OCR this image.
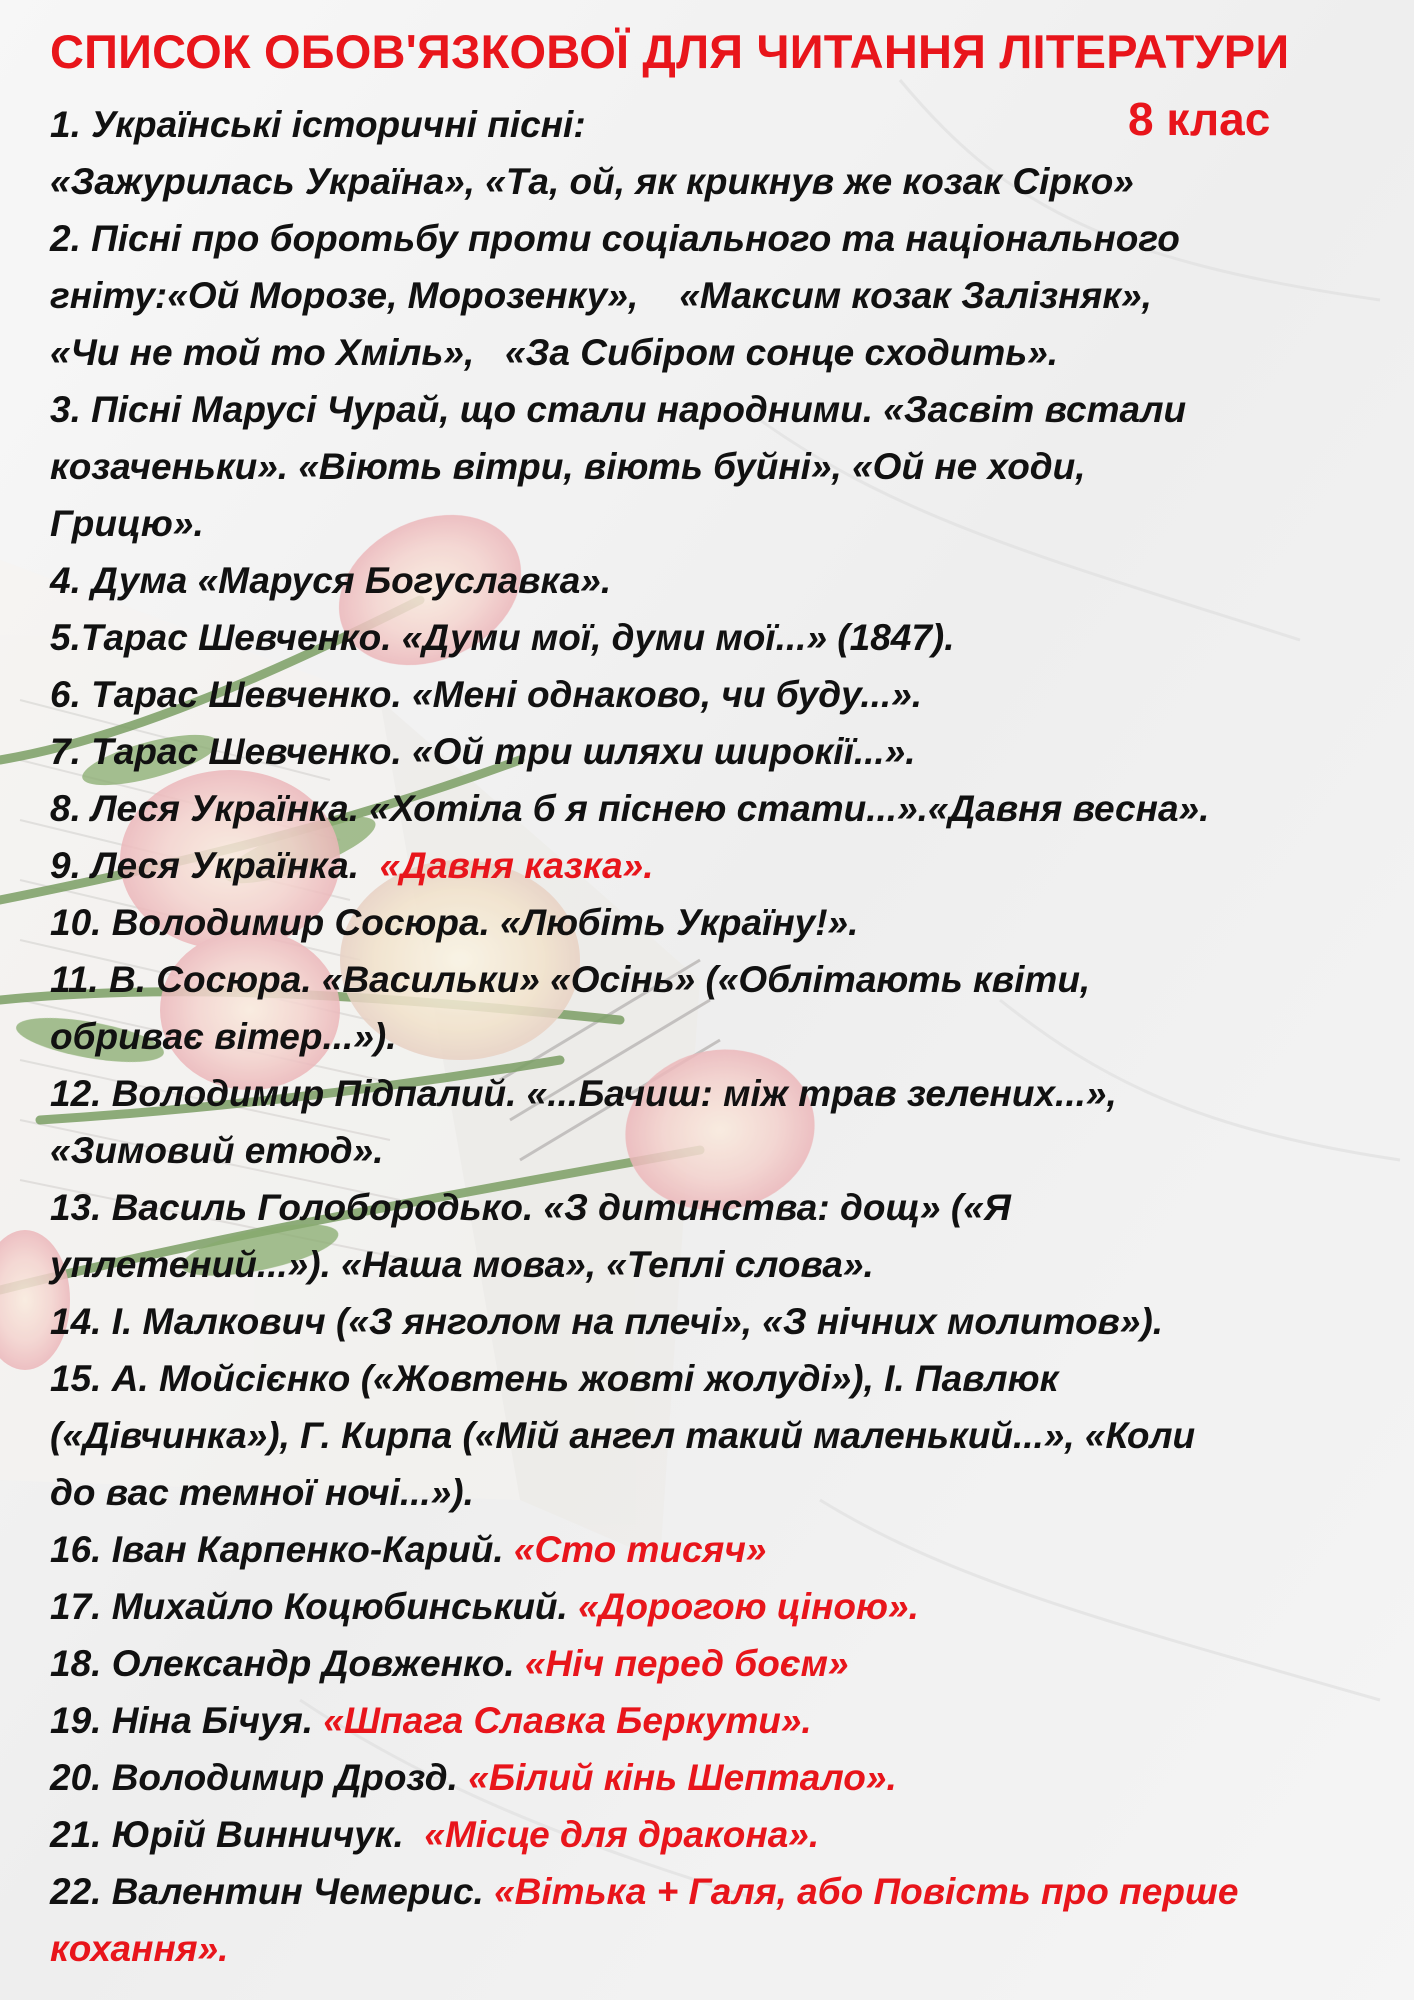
СПИСОК ОБОВ'ЯЗКОВОЇ ДЛЯ ЧИТАННЯ ЛІТЕРАТУРИ
8 клас
1. Українські історичні пісні:
«Зажурилась Україна», «Та, ой, як крикнув же козак Сірко»
2. Пісні про боротьбу проти соціального та національного
гніту:«Ой Морозе, Морозенку»,    «Максим козак Залізняк»,
«Чи не той то Хміль»,   «За Сибіром сонце сходить».
3. Пісні Марусі Чурай, що стали народними. «Засвіт встали
козаченьки». «Віють вітри, віють буйні», «Ой не ходи,
Грицю».
4. Дума «Маруся Богуславка».
5.Тарас Шевченко. «Думи мої, думи мої...» (1847).
6. Тарас Шевченко. «Мені однаково, чи буду...».
7. Тарас Шевченко. «Ой три шляхи широкії...».
8. Леся Українка. «Хотіла б я піснею стати...».«Давня весна».
9. Леся Українка.  «Давня казка».
10. Володимир Сосюра. «Любіть Україну!».
11. В. Сосюра. «Васильки» «Осінь» («Облітають квіти,
обриває вітер...»).
12. Володимир Підпалий. «...Бачиш: між трав зелених...»,
«Зимовий етюд».
13. Василь Голобородько. «З дитинства: дощ» («Я
уплетений...»). «Наша мова», «Теплі слова».
14. І. Малкович («З янголом на плечі», «З нічних молитов»).
15. А. Мойсієнко («Жовтень жовті жолуді»), І. Павлюк
(«Дівчинка»), Г. Кирпа («Мій ангел такий маленький...», «Коли
до вас темної ночі...»).
16. Іван Карпенко-Карий. «Сто тисяч»
17. Михайло Коцюбинський. «Дорогою ціною».
18. Олександр Довженко. «Ніч перед боєм»
19. Ніна Бічуя. «Шпага Славка Беркути».
20. Володимир Дрозд. «Білий кінь Шептало».
21. Юрій Винничук.  «Місце для дракона».
22. Валентин Чемерис. «Вітька + Галя, або Повість про перше кохання».
